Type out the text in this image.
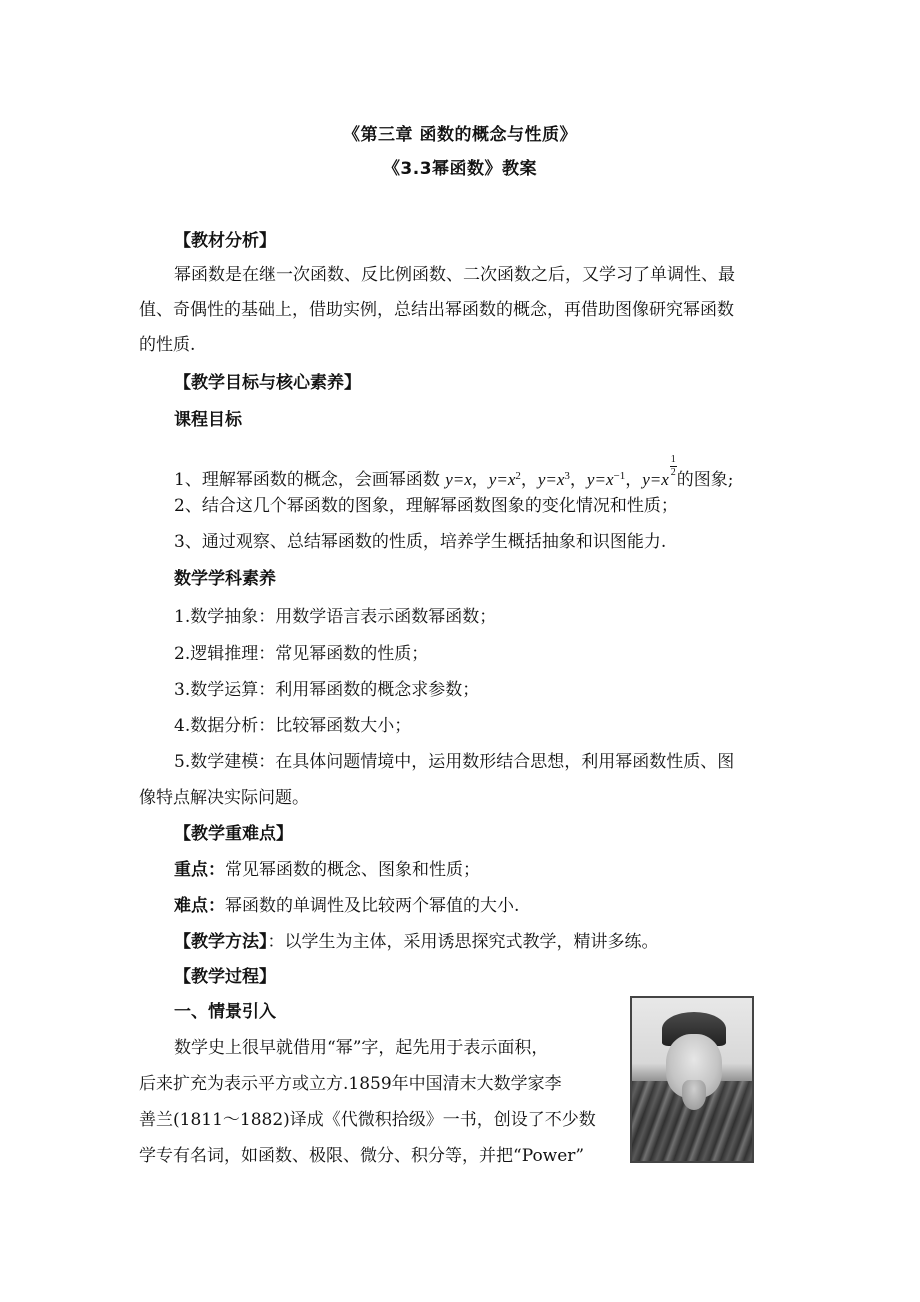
《第三章 函数的概念与性质》
《3.3幂函数》教案
【教材分析】
幂函数是在继一次函数、反比例函数、二次函数之后，又学习了单调性、最
值、奇偶性的基础上，借助实例，总结出幂函数的概念，再借助图像研究幂函数
的性质.
【教学目标与核心素养】
课程目标
1、理解幂函数的概念，会画幂函数 y=x，$y=x^2$，$y=x^3$，$y=x^{-1}$，y=x
$\frac{1}{2}$
的图象;
2、结合这几个幂函数的图象，理解幂函数图象的变化情况和性质；
3、通过观察、总结幂函数的性质，培养学生概括抽象和识图能力.
数学学科素养
1.数学抽象：用数学语言表示函数幂函数；
2.逻辑推理：常见幂函数的性质；
3.数学运算：利用幂函数的概念求参数；
4.数据分析：比较幂函数大小；
5.数学建模：在具体问题情境中，运用数形结合思想，利用幂函数性质、图
像特点解决实际问题。
【教学重难点】
重点：常见幂函数的概念、图象和性质；
难点：幂函数的单调性及比较两个幂值的大小.
【教学方法】：以学生为主体，采用诱思探究式教学，精讲多练。
【教学过程】
一、情景引入
数学史上很早就借用“幂”字，起先用于表示面积，
后来扩充为表示平方或立方.1859年中国清末大数学家李
善兰(1811～1882)译成《代微积拾级》一书，创设了不少数
学专有名词，如函数、极限、微分、积分等，并把“Power”
